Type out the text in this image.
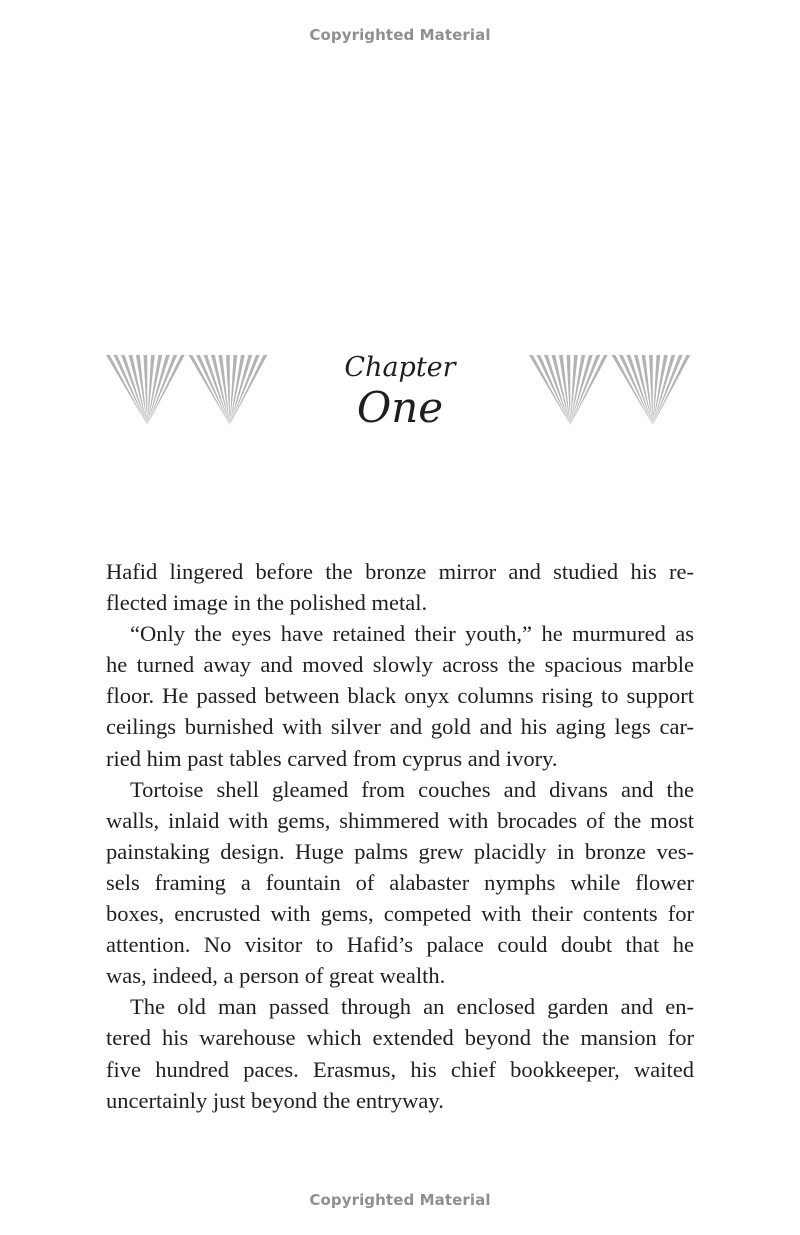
Copyrighted Material
Chapter
One

Hafid lingered before the bronze mirror and studied his re-
flected image in the polished metal.

“Only the eyes have retained their youth,” he murmured as
he turned away and moved slowly across the spacious marble
floor. He passed between black onyx columns rising to support
ceilings burnished with silver and gold and his aging legs car-
ried him past tables carved from cyprus and ivory.

Tortoise shell gleamed from couches and divans and the
walls, inlaid with gems, shimmered with brocades of the most
painstaking design. Huge palms grew placidly in bronze ves-
sels framing a fountain of alabaster nymphs while flower
boxes, encrusted with gems, competed with their contents for
attention. No visitor to Hafid’s palace could doubt that he
was, indeed, a person of great wealth.

The old man passed through an enclosed garden and en-
tered his warehouse which extended beyond the mansion for
five hundred paces. Erasmus, his chief bookkeeper, waited
uncertainly just beyond the entryway.

Copyrighted Material
